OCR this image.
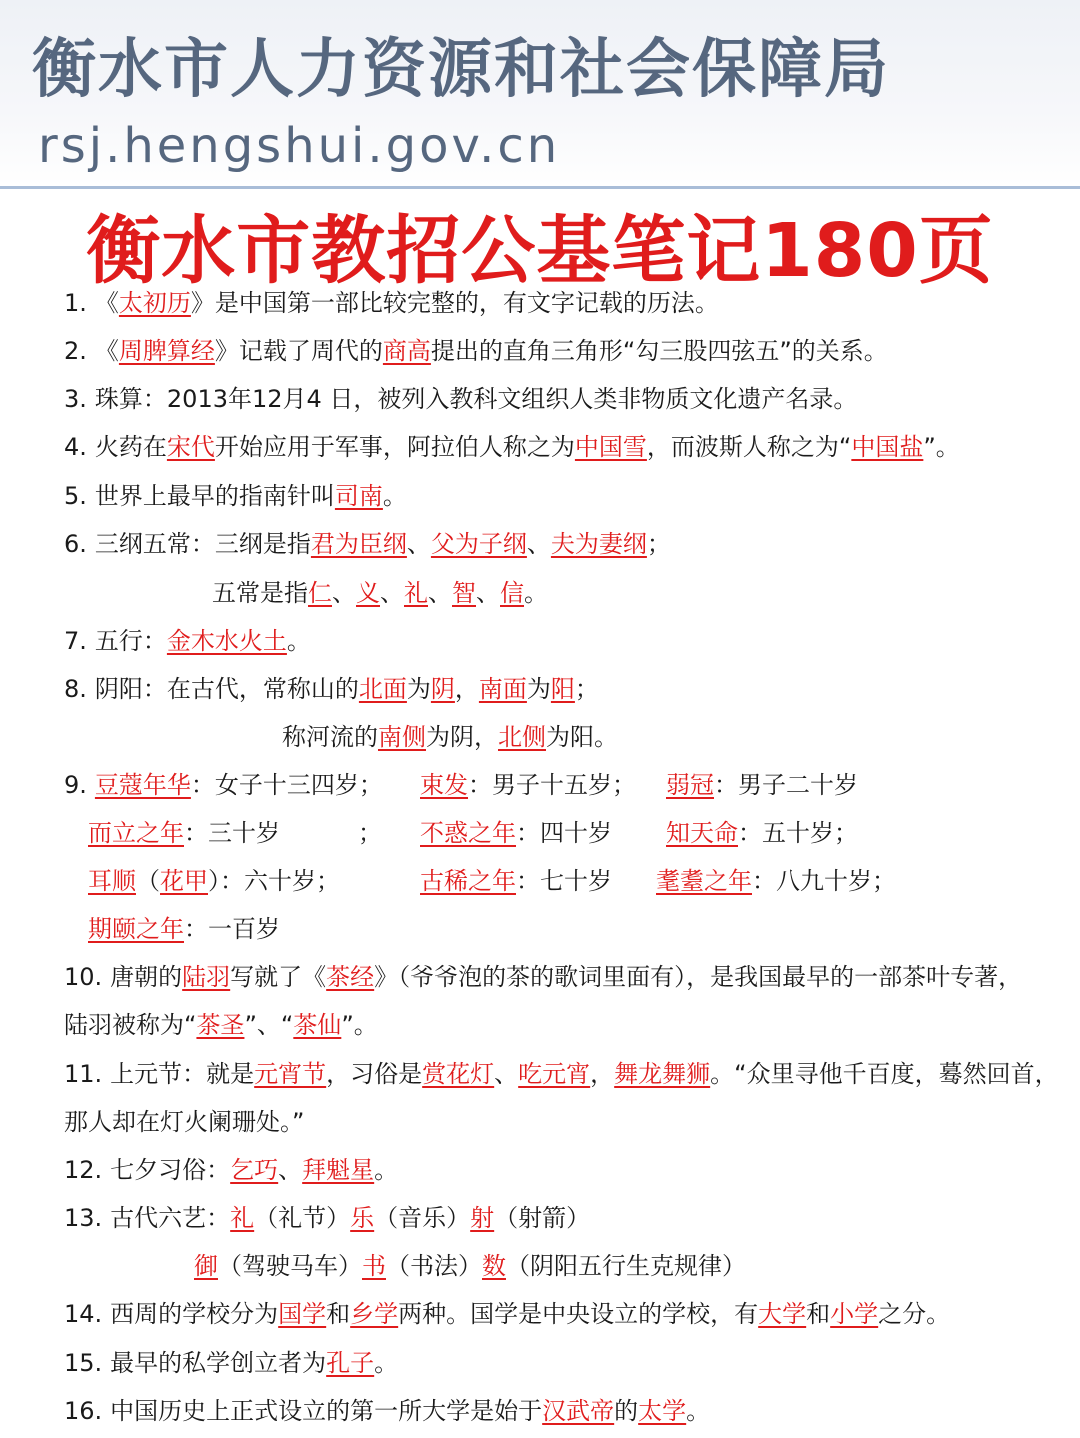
衡水市人力资源和社会保障局
rsj.hengshui.gov.cn
衡水市教招公基笔记180页
1. 《太初历》是中国第一部比较完整的，有文字记载的历法。
2. 《周脾算经》记载了周代的商高提出的直角三角形“勾三股四弦五”的关系。
3. 珠算：2013年12月4 日，被列入教科文组织人类非物质文化遗产名录。
4. 火药在宋代开始应用于军事，阿拉伯人称之为中国雪，而波斯人称之为“中国盐”。
5. 世界上最早的指南针叫司南。
6. 三纲五常：三纲是指君为臣纲、父为子纲、夫为妻纲；
五常是指仁、义、礼、智、信。
7. 五行：金木水火土。
8. 阴阳：在古代，常称山的北面为阴，南面为阳；
称河流的南侧为阴，北侧为阳。
9. 豆蔻年华：女子十三四岁； 束发：男子十五岁； 弱冠：男子二十岁
而立之年：三十岁	； 不惑之年：四十岁 知天命：五十岁；
耳顺（花甲）：六十岁；	古稀之年：七十岁 耄耋之年：八九十岁；
期颐之年：一百岁
10. 唐朝的陆羽写就了《茶经》（爷爷泡的茶的歌词里面有），是我国最早的一部茶叶专著，
陆羽被称为“茶圣”、“茶仙”。
11. 上元节：就是元宵节，习俗是赏花灯、吃元宵，舞龙舞狮。“众里寻他千百度，蓦然回首，
那人却在灯火阑珊处。”
12. 七夕习俗：乞巧、拜魁星。
13. 古代六艺：礼（礼节）乐（音乐）射（射箭）
御（驾驶马车）书（书法）数（阴阳五行生克规律）
14. 西周的学校分为国学和乡学两种。国学是中央设立的学校，有大学和小学之分。
15. 最早的私学创立者为孔子。
16. 中国历史上正式设立的第一所大学是始于汉武帝的太学。
